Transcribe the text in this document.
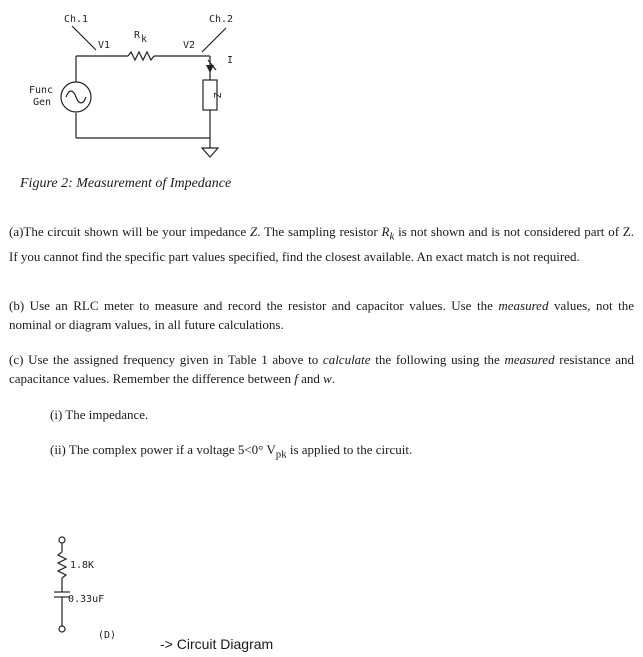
Ch.1	Ch.2
V1	V2
R k
I
Func
Gen
Z
Figure 2: Measurement of Impedance
(a)The circuit shown will be your impedance Z. The sampling resistor $R_k$ is not shown and is not considered part of Z. If you cannot find the specific part values specified, find the closest available. An exact match is not required.
(b) Use an RLC meter to measure and record the resistor and capacitor values. Use the measured values, not the nominal or diagram values, in all future calculations.
(c) Use the assigned frequency given in Table 1 above to calculate the following using the measured resistance and capacitance values. Remember the difference between f and w.
(i) The impedance.
(ii) The complex power if a voltage 5<0° $V_{pk}$ is applied to the circuit.
1.8K
0.33uF
(D)
-> Circuit Diagram
